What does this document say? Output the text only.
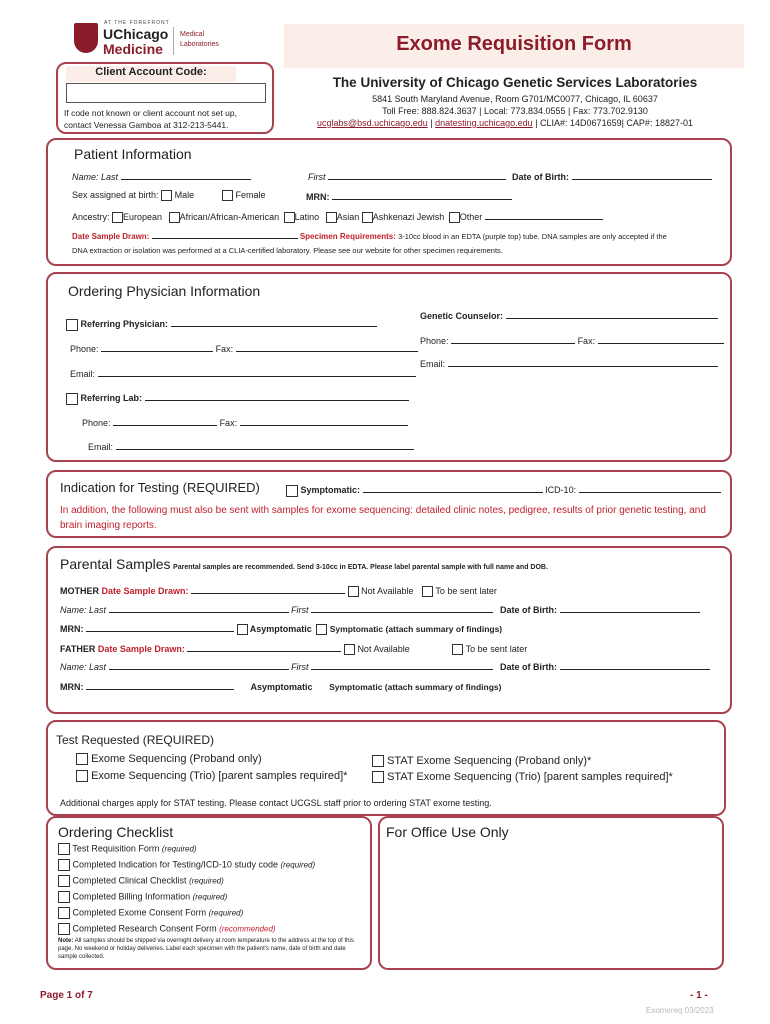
AT THE FOREFRONT
UChicago
Medicine
Medical Laboratories	Exome Requisition Form
Client Account Code:
If code not known or client account not set up,
contact Venessa Gamboa at 312-213-5441.
The University of Chicago Genetic Services Laboratories
5841 South Maryland Avenue, Room G701/MC0077, Chicago, IL 60637
Toll Free: 888.824.3637 | Local: 773.834.0555 | Fax: 773.702.9130
ucglabs@bsd.uchicago.edu | dnatesting.uchicago.edu | CLIA#: 14D0671659| CAP#: 18827-01
Patient Information
Name: Last	First	Date of Birth:
Sex assigned at birth: Male	Female	MRN:
Ancestry: European African/African-American Latino Asian Ashkenazi Jewish Other
Date Sample Drawn:	Specimen Requirements: 3-10cc blood in an EDTA (purple top) tube. DNA samples are only accepted if the
DNA extraction or isolation was performed at a CLIA-certified laboratory. Please see our website for other specimen requirements.
Ordering Physician Information
Referring Physician:
Phone:	Fax:
Email:
Genetic Counselor:
Phone:	Fax:
Email:
Referring Lab:
Phone:	Fax:
Email:
Indication for Testing (REQUIRED)	Symptomatic:	ICD-10:
In addition, the following must also be sent with samples for exome sequencing: detailed clinic notes, pedigree, results of prior genetic testing, and brain imaging reports.
Parental Samples Parental samples are recommended. Send 3-10cc in EDTA. Please label parental sample with full name and DOB.
MOTHER Date Sample Drawn:	Not Available To be sent later
Name: Last	First	Date of Birth:
MRN:	Asymptomatic Symptomatic (attach summary of findings)
FATHER Date Sample Drawn:	Not Available	To be sent later
Name: Last	First	Date of Birth:
MRN:	Asymptomatic Symptomatic (attach summary of findings)
Test Requested (REQUIRED)
Exome Sequencing (Proband only)
Exome Sequencing (Trio) [parent samples required]*
STAT Exome Sequencing (Proband only)*
STAT Exome Sequencing (Trio) [parent samples required]*
Additional charges apply for STAT testing. Please contact UCGSL staff prior to ordering STAT exome testing.
Ordering Checklist
Test Requisition Form (required)
Completed Indication for Testing/ICD-10 study code (required)
Completed Clinical Checklist (required)
Completed Billing Information (required)
Completed Exome Consent Form (required)
Completed Research Consent Form (recommended)
Note: All samples should be shipped via overnight delivery at room temperature to the address at the top of this page. No weekend or holiday deliveries. Label each specimen with the patient's name, date of birth and date sample collected.
For Office Use Only
Page 1 of 7	- 1 -
Exomereq 03/2023
